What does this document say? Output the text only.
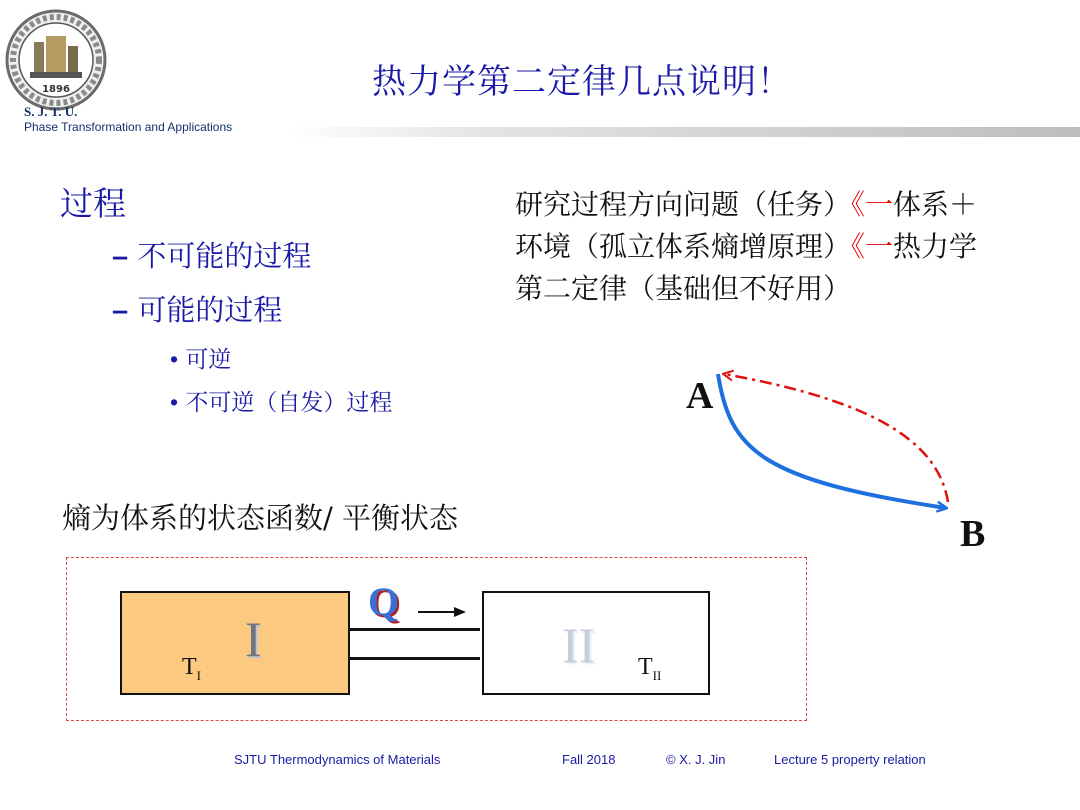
1896
S. J. T. U.
Phase Transformation and Applications
热力学第二定律几点说明！
过程
– 不可能的过程
– 可能的过程
• 可逆
• 不可逆（自发）过程
研究过程方向问题（任务）《一体系＋环境（孤立体系熵增原理）《一热力学第二定律（基础但不好用）
A
B
熵为体系的状态函数/ 平衡状态
I	II
$T_I$	$T_{II}$
Q
SJTU Thermodynamics of Materials	Fall 2018	© X. J. Jin	Lecture 5 property relation
